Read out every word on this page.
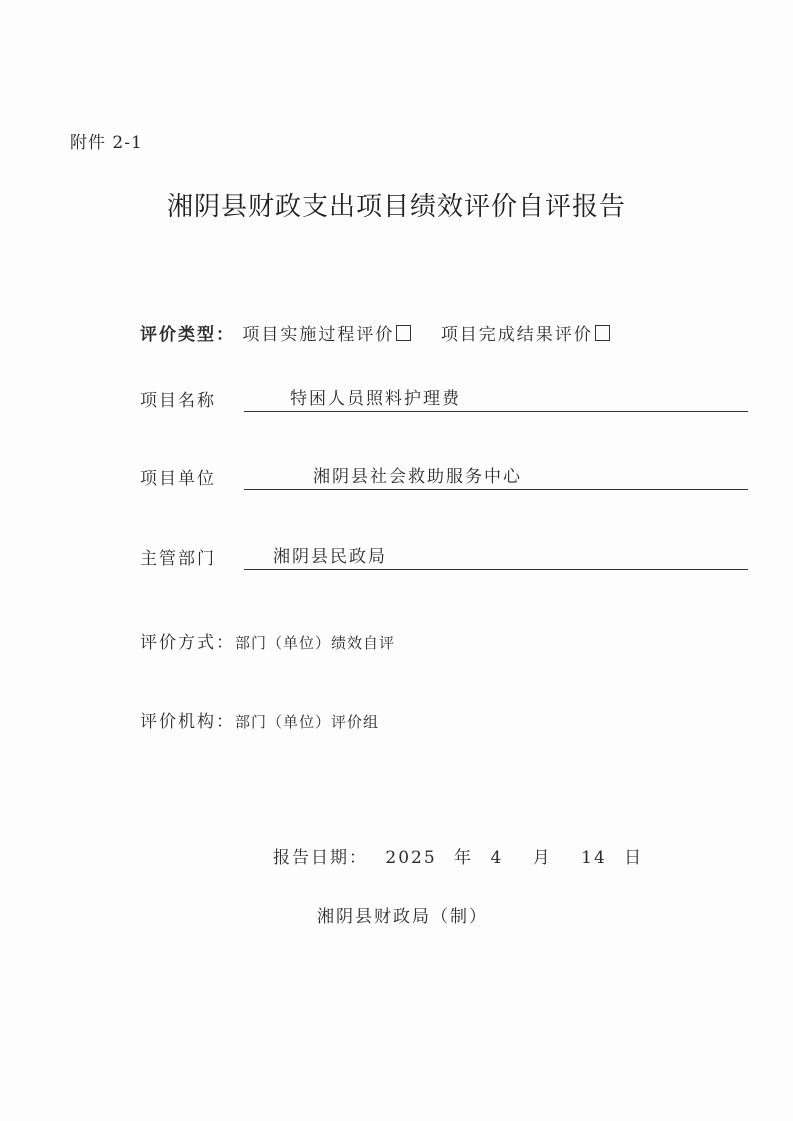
附件 2-1
湘阴县财政支出项目绩效评价自评报告
评价类型： 项目实施过程评价	项目完成结果评价
项目名称	特困人员照料护理费
项目单位	湘阴县社会救助服务中心
主管部门	湘阴县民政局
评价方式：部门（单位）绩效自评
评价机构：部门（单位）评价组
报告日期： 2025 年 4 月 14 日
湘阴县财政局（制）
